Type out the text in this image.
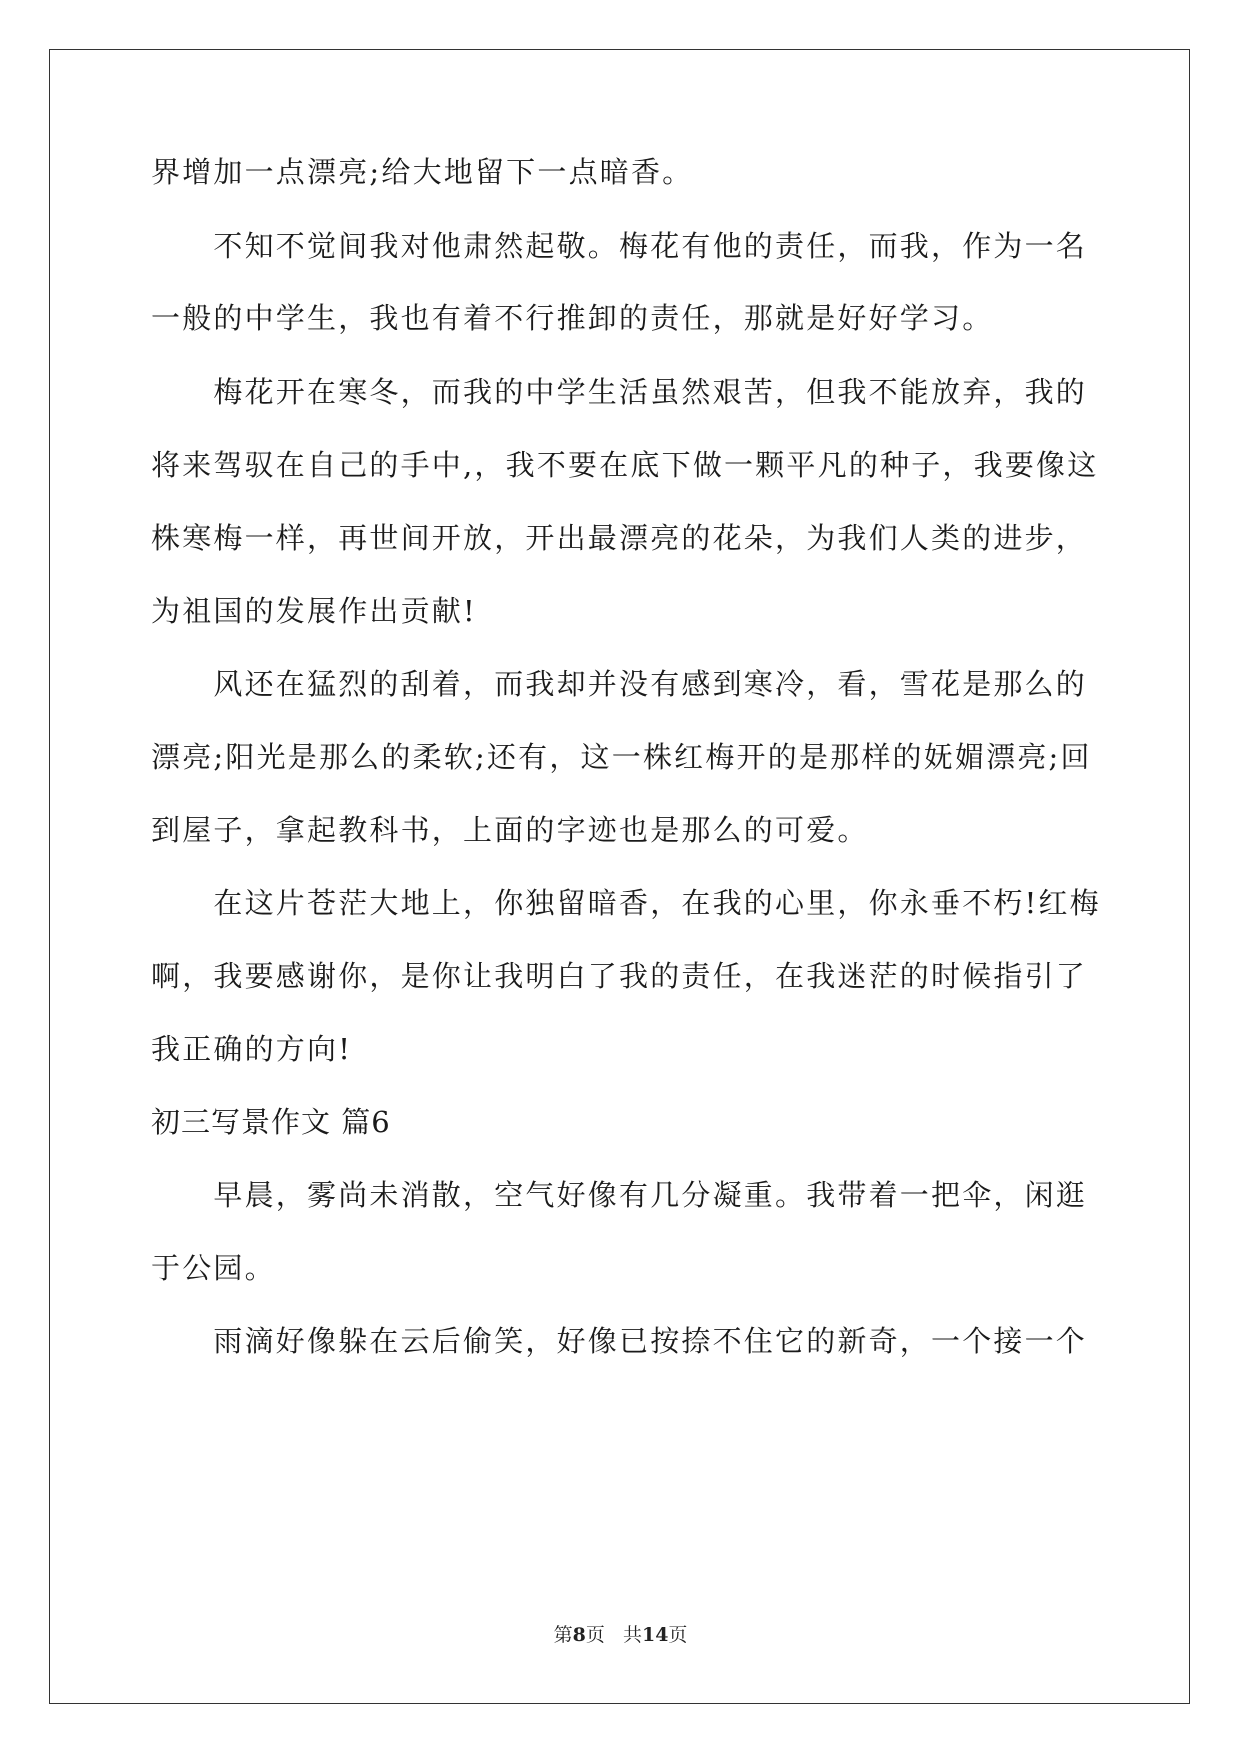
界增加一点漂亮;给大地留下一点暗香。
　　不知不觉间我对他肃然起敬。梅花有他的责任，而我，作为一名
一般的中学生，我也有着不行推卸的责任，那就是好好学习。
　　梅花开在寒冬，而我的中学生活虽然艰苦，但我不能放弃，我的
将来驾驭在自己的手中,，我不要在底下做一颗平凡的种子，我要像这
株寒梅一样，再世间开放，开出最漂亮的花朵，为我们人类的进步，
为祖国的发展作出贡献!
　　风还在猛烈的刮着，而我却并没有感到寒冷，看，雪花是那么的
漂亮;阳光是那么的柔软;还有，这一株红梅开的是那样的妩媚漂亮;回
到屋子，拿起教科书，上面的字迹也是那么的可爱。
　　在这片苍茫大地上，你独留暗香，在我的心里，你永垂不朽!红梅
啊，我要感谢你，是你让我明白了我的责任，在我迷茫的时候指引了
我正确的方向!
初三写景作文 篇6
　　早晨，雾尚未消散，空气好像有几分凝重。我带着一把伞，闲逛
于公园。
　　雨滴好像躲在云后偷笑，好像已按捺不住它的新奇，一个接一个
第8页 共14页
